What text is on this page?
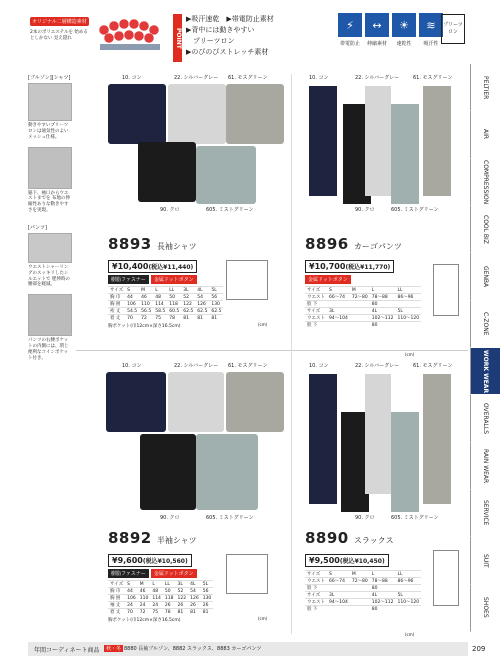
オリジナル二層構造素材
2本のポリエステルを 始めるとしかない 見え隠れ	POINT
▶吸汗速乾　▶帯電防止素材
▶背中には動きやすい
　プリーツロン
▶のびのびストレッチ素材
⚡	↔	☀	≋
帯電防止	伸縮素材	速乾性	吸汗性
プリーツロン
[ブルゾン][シャツ]
動きやすいプリーツロンは通気性のよいメッシュ仕様。
脇下、袖口からウエストまでを 布地の伸縮性ありな動きやすさを実現。
[パンツ]
ウエストシャーリングのスッキリしたシルエットで 肥伸時の腰部を軽減。
パンツの右腰ポケットの内側には、閉じ便利なコインポケット付き。
10. コン	22. シルバーグレー 61. モスグリーン
90. クロ	605. ミストグリーン
8893 長袖シャツ
¥10,400(税込¥11,440)
樹脂ファスナー	金属ドットボタン
サイズ	S	M	L	LL	3L	4L	5L
胸 巾	44	46	48	50	52	54	56
胸 囲	106	110	114	118	122	126	130
裄 丈	54.5	56.5	58.5	60.5	62.5	62.5	62.5
着 丈	70	72	75	78	81	81	81
胸ポケット(巾12cm×深さ16.5cm)	(cm)
10. コン	22. シルバーグレー	61. モスグリーン
90. クロ	605. ミストグリーン
8896 カーゴパンツ
¥10,700(税込¥11,770)
金属ドットボタン
サイズ	S	M	L	LL
ウエスト	66〜74	72〜80	78〜88	86〜96
股 下			80	
サイズ	3L		4L	5L
ウエスト	94〜104		102〜112	110〜120
股 下			80	
(cm)
10. コン	22. シルバーグレー 61. モスグリーン
90. クロ	605. ミストグリーン
8892 半袖シャツ
¥9,600(税込¥10,560)
樹脂ファスナー	金属ドットボタン
サイズ	S	M	L	LL	3L	4L	5L
胸 巾	44	46	48	50	52	54	56
胸 囲	106	110	114	118	122	126	130
袖 丈	24	24	24	26	26	26	26
着 丈	70	72	75	78	81	81	81
胸ポケット(巾12cm×深さ16.5cm)	(cm)
10. コン	22. シルバーグレー	61. モスグリーン
90. クロ	605. ミストグリーン
8890 スラックス
¥9,500(税込¥10,450)
サイズ	S	M	L	LL
ウエスト	66〜74	72〜80	78〜88	86〜96
股 下			80	
サイズ	3L		4L	5L
ウエスト	94〜104		102〜112	110〜120
股 下			80	
(cm)
PELTIER
AIR
COMPRESSION
COOL BIZ
GENBA
C-ZONE
WORK WEAR
OVERALLS
RAIN WEAR
SERVICE
SUIT
SHOES
年間コーディネート商品	秋・冬 8880 長袖ブルゾン、8882 スラックス、8883 カーゴパンツ	209
